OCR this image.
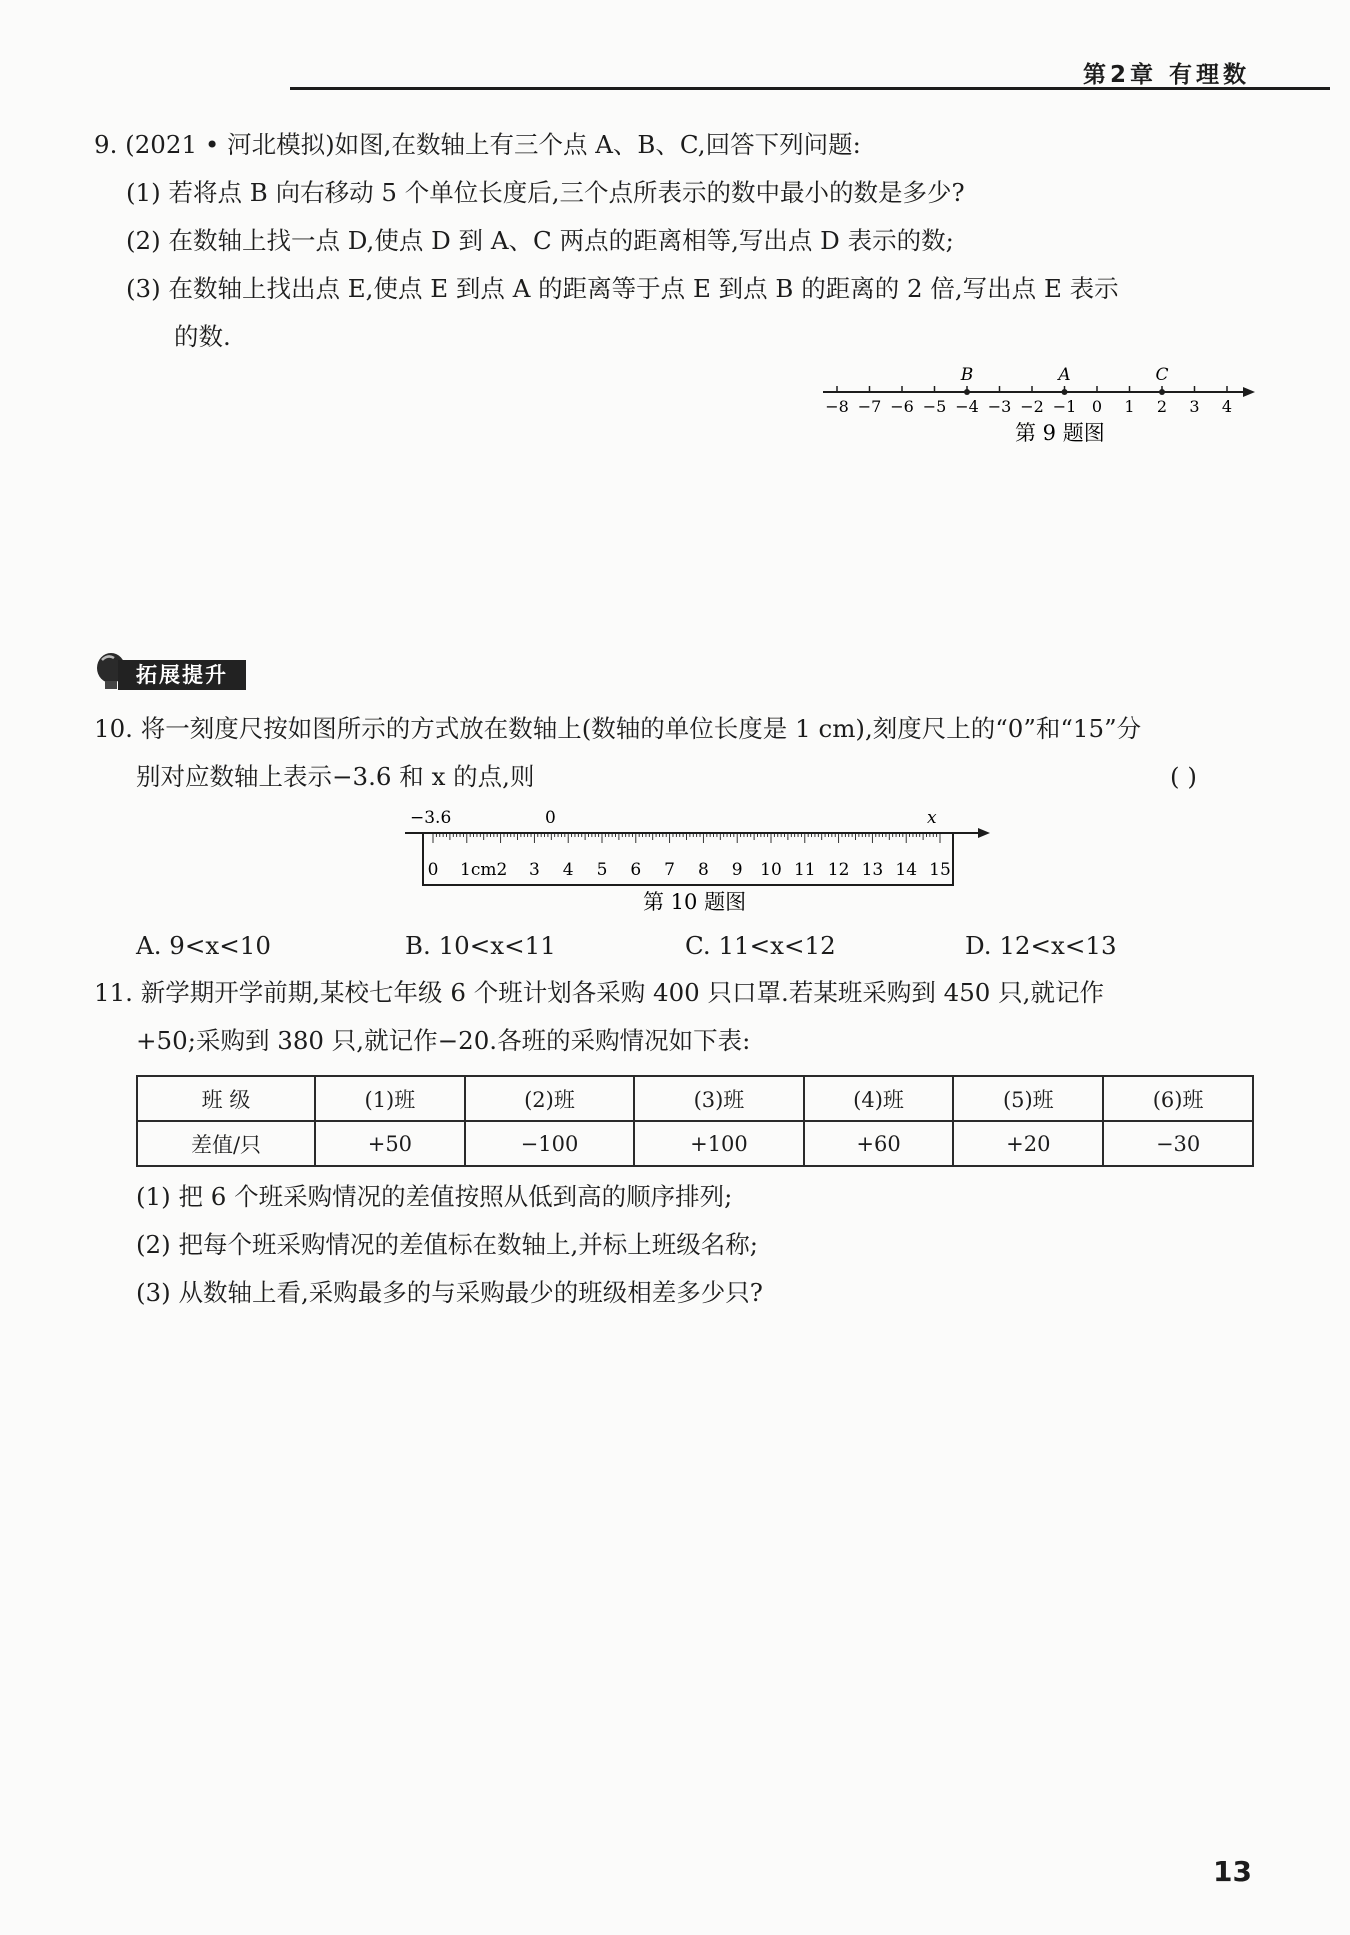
第2章 有理数
9. (2021 • 河北模拟)如图,在数轴上有三个点 A、B、C,回答下列问题:
(1) 若将点 B 向右移动 5 个单位长度后,三个点所表示的数中最小的数是多少?
(2) 在数轴上找一点 D,使点 D 到 A、C 两点的距离相等,写出点 D 表示的数;
(3) 在数轴上找出点 E,使点 E 到点 A 的距离等于点 E 到点 B 的距离的 2 倍,写出点 E 表示
的数.
−8 −7 −6 −5 −4 −3 −2 −1 0 1 2 3 4
B	A	C
第 9 题图
拓展提升
10. 将一刻度尺按如图所示的方式放在数轴上(数轴的单位长度是 1 cm),刻度尺上的“0”和“15”分
别对应数轴上表示−3.6 和 x 的点,则	( )
−3.6	0	x
0 1cm2 3 4 5 6 7 8 9 10 11 12 13 14 15
第 10 题图
A. 9<x<10	B. 10<x<11	C. 11<x<12	D. 12<x<13
11. 新学期开学前期,某校七年级 6 个班计划各采购 400 只口罩.若某班采购到 450 只,就记作
+50;采购到 380 只,就记作−20.各班的采购情况如下表:
班 级	(1)班	(2)班	(3)班	(4)班	(5)班	(6)班
差值/只	+50	−100	+100	+60	+20	−30
(1) 把 6 个班采购情况的差值按照从低到高的顺序排列;
(2) 把每个班采购情况的差值标在数轴上,并标上班级名称;
(3) 从数轴上看,采购最多的与采购最少的班级相差多少只?
13
